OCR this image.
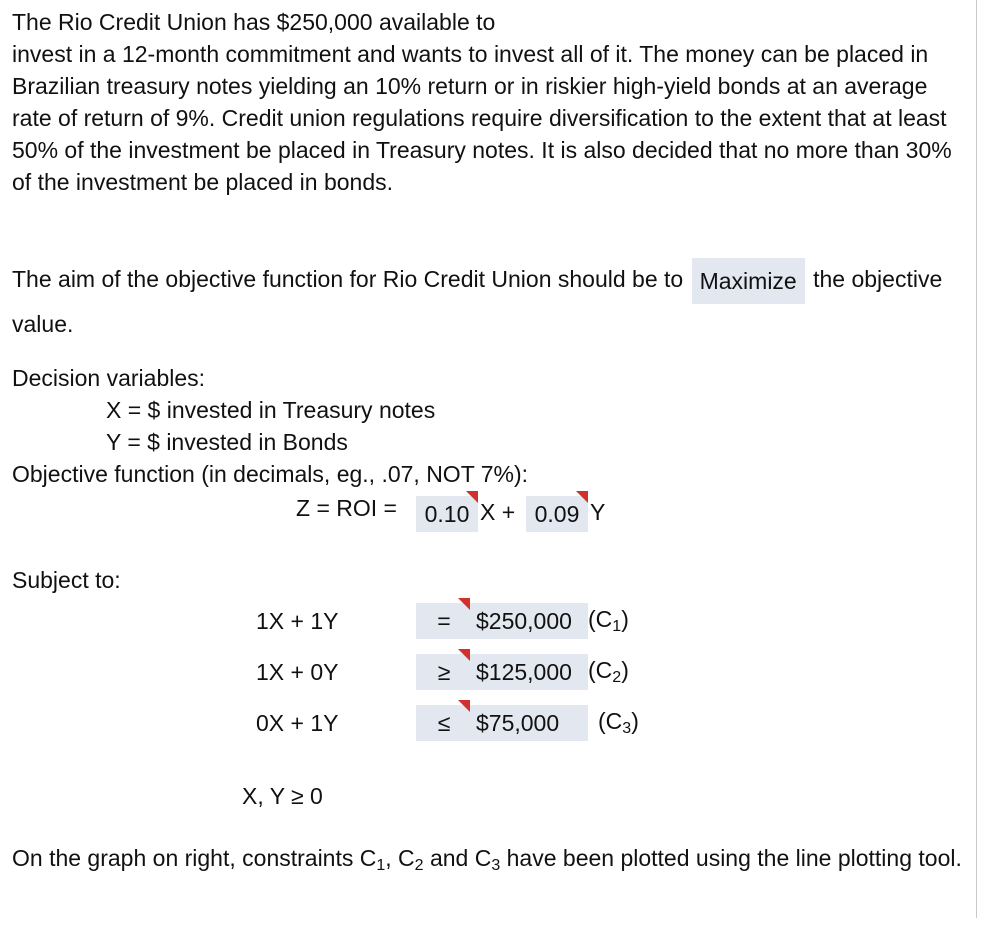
The Rio Credit Union has $250,000 available to
invest in a 12-month commitment and wants to invest all of it. The money can be placed in Brazilian treasury notes yielding an 10% return or in riskier high-yield bonds at an average rate of return of 9%. Credit union regulations require diversification to the extent that at least 50% of the investment be placed in Treasury notes. It is also decided that no more than 30% of the investment be placed in bonds.

The aim of the objective function for Rio Credit Union should be to Maximize the objective value.

Decision variables:
X = $ invested in Treasury notes
Y = $ invested in Bonds
Objective function (in decimals, eg., .07, NOT 7%):
Z = ROI =	0.10 X + 0.09 Y
Subject to:
1X + 1Y	=	$250,000 $(C_1)$
1X + 0Y	≥	$125,000 $(C_2)$
0X + 1Y	≤	$75,000	$(C_3)$
X, Y ≥ 0

On the graph on right, constraints $C_1$, $C_2$ and $C_3$ have been plotted using the line plotting tool.
